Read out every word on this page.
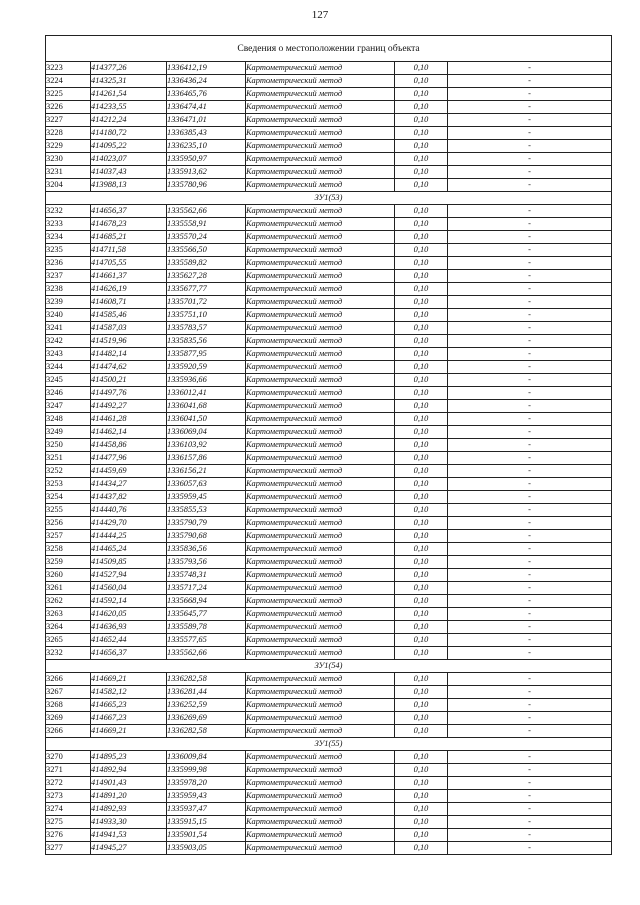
127
Сведения о местоположении границ объекта					
3223	414377,26	1336412,19	Картометрический метод	0,10	-
3224	414325,31	1336436,24	Картометрический метод	0,10	-
3225	414261,54	1336465,76	Картометрический метод	0,10	-
3226	414233,55	1336474,41	Картометрический метод	0,10	-
3227	414212,24	1336471,01	Картометрический метод	0,10	-
3228	414180,72	1336385,43	Картометрический метод	0,10	-
3229	414095,22	1336235,10	Картометрический метод	0,10	-
3230	414023,07	1335950,97	Картометрический метод	0,10	-
3231	414037,43	1335913,62	Картометрический метод	0,10	-
3204	413988,13	1335780,96	Картометрический метод	0,10	-
ЗУ1(53)					
3232	414656,37	1335562,66	Картометрический метод	0,10	-
3233	414678,23	1335558,91	Картометрический метод	0,10	-
3234	414685,21	1335570,24	Картометрический метод	0,10	-
3235	414711,58	1335566,50	Картометрический метод	0,10	-
3236	414705,55	1335589,82	Картометрический метод	0,10	-
3237	414661,37	1335627,28	Картометрический метод	0,10	-
3238	414626,19	1335677,77	Картометрический метод	0,10	-
3239	414608,71	1335701,72	Картометрический метод	0,10	-
3240	414585,46	1335751,10	Картометрический метод	0,10	-
3241	414587,03	1335783,57	Картометрический метод	0,10	-
3242	414519,96	1335835,56	Картометрический метод	0,10	-
3243	414482,14	1335877,95	Картометрический метод	0,10	-
3244	414474,62	1335920,59	Картометрический метод	0,10	-
3245	414500,21	1335936,66	Картометрический метод	0,10	-
3246	414497,76	1336012,41	Картометрический метод	0,10	-
3247	414492,27	1336041,68	Картометрический метод	0,10	-
3248	414461,28	1336041,50	Картометрический метод	0,10	-
3249	414462,14	1336069,04	Картометрический метод	0,10	-
3250	414458,86	1336103,92	Картометрический метод	0,10	-
3251	414477,96	1336157,86	Картометрический метод	0,10	-
3252	414459,69	1336156,21	Картометрический метод	0,10	-
3253	414434,27	1336057,63	Картометрический метод	0,10	-
3254	414437,82	1335959,45	Картометрический метод	0,10	-
3255	414440,76	1335855,53	Картометрический метод	0,10	-
3256	414429,70	1335790,79	Картометрический метод	0,10	-
3257	414444,25	1335790,68	Картометрический метод	0,10	-
3258	414465,24	1335836,56	Картометрический метод	0,10	-
3259	414509,85	1335793,56	Картометрический метод	0,10	-
3260	414527,94	1335748,31	Картометрический метод	0,10	-
3261	414560,04	1335717,24	Картометрический метод	0,10	-
3262	414592,14	1335668,94	Картометрический метод	0,10	-
3263	414620,05	1335645,77	Картометрический метод	0,10	-
3264	414636,93	1335589,78	Картометрический метод	0,10	-
3265	414652,44	1335577,65	Картометрический метод	0,10	-
3232	414656,37	1335562,66	Картометрический метод	0,10	-
ЗУ1(54)					
3266	414669,21	1336282,58	Картометрический метод	0,10	-
3267	414582,12	1336281,44	Картометрический метод	0,10	-
3268	414665,23	1336252,59	Картометрический метод	0,10	-
3269	414667,23	1336269,69	Картометрический метод	0,10	-
3266	414669,21	1336282,58	Картометрический метод	0,10	-
ЗУ1(55)					
3270	414895,23	1336009,84	Картометрический метод	0,10	-
3271	414892,94	1335999,98	Картометрический метод	0,10	-
3272	414901,43	1335978,20	Картометрический метод	0,10	-
3273	414891,20	1335959,43	Картометрический метод	0,10	-
3274	414892,93	1335937,47	Картометрический метод	0,10	-
3275	414933,30	1335915,15	Картометрический метод	0,10	-
3276	414941,53	1335901,54	Картометрический метод	0,10	-
3277	414945,27	1335903,05	Картометрический метод	0,10	-
